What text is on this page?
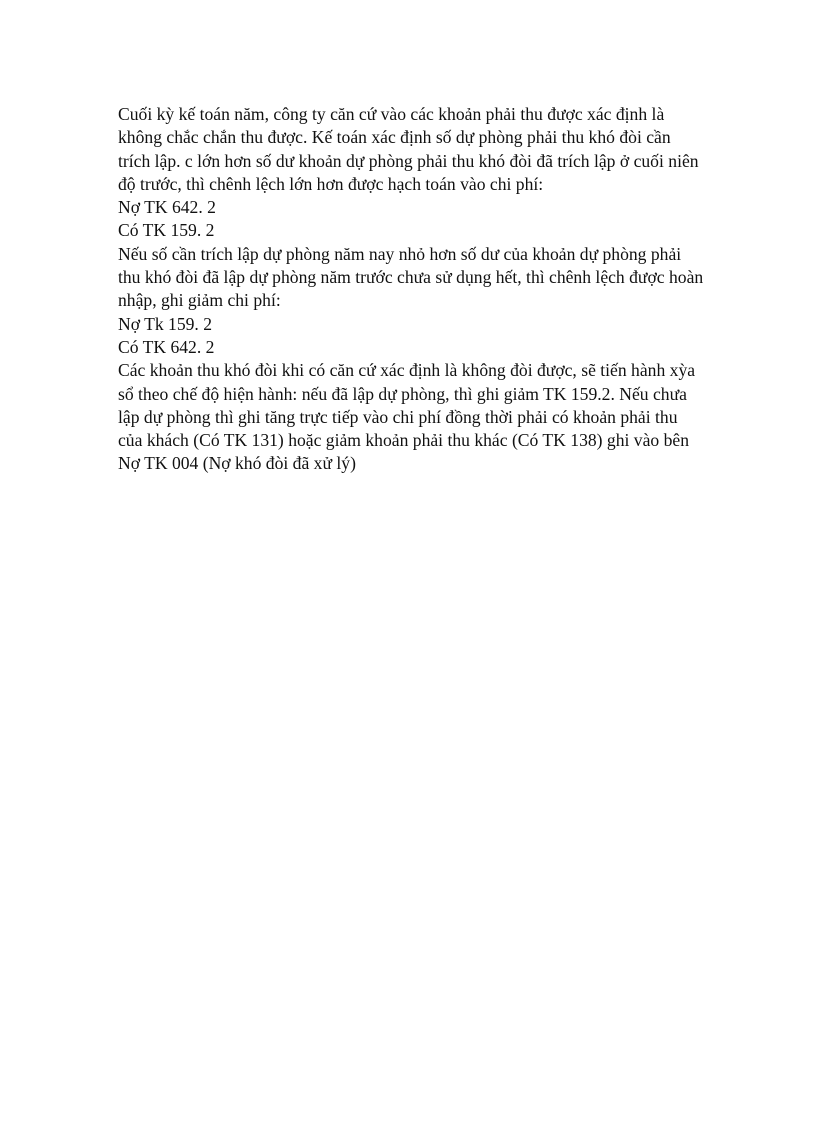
Cuối kỳ kế toán năm, công ty căn cứ vào các khoản phải thu được xác định là
không chắc chắn thu được. Kế toán xác định số dự phòng phải thu khó đòi cần
trích lập. c lớn hơn số dư khoản dự phòng phải thu khó đòi đã trích lập ở cuối niên
độ trước, thì chênh lệch lớn hơn được hạch toán vào chi phí:
Nợ TK 642. 2
Có TK 159. 2
Nếu số cần trích lập dự phòng năm nay nhỏ hơn số dư của khoản dự phòng phải
thu khó đòi đã lập dự phòng năm trước chưa sử dụng hết, thì chênh lệch được hoàn
nhập, ghi giảm chi phí:
Nợ Tk 159. 2
Có TK 642. 2
Các khoản thu khó đòi khi có căn cứ xác định là không đòi được, sẽ tiến hành xỳa
sổ theo chế độ hiện hành: nếu đã lập dự phòng, thì ghi giảm TK 159.2. Nếu chưa
lập dự phòng thì ghi tăng trực tiếp vào chi phí đồng thời phải có khoản phải thu
của khách (Có TK 131) hoặc giảm khoản phải thu khác (Có TK 138) ghi vào bên
Nợ TK 004 (Nợ khó đòi đã xử lý)
